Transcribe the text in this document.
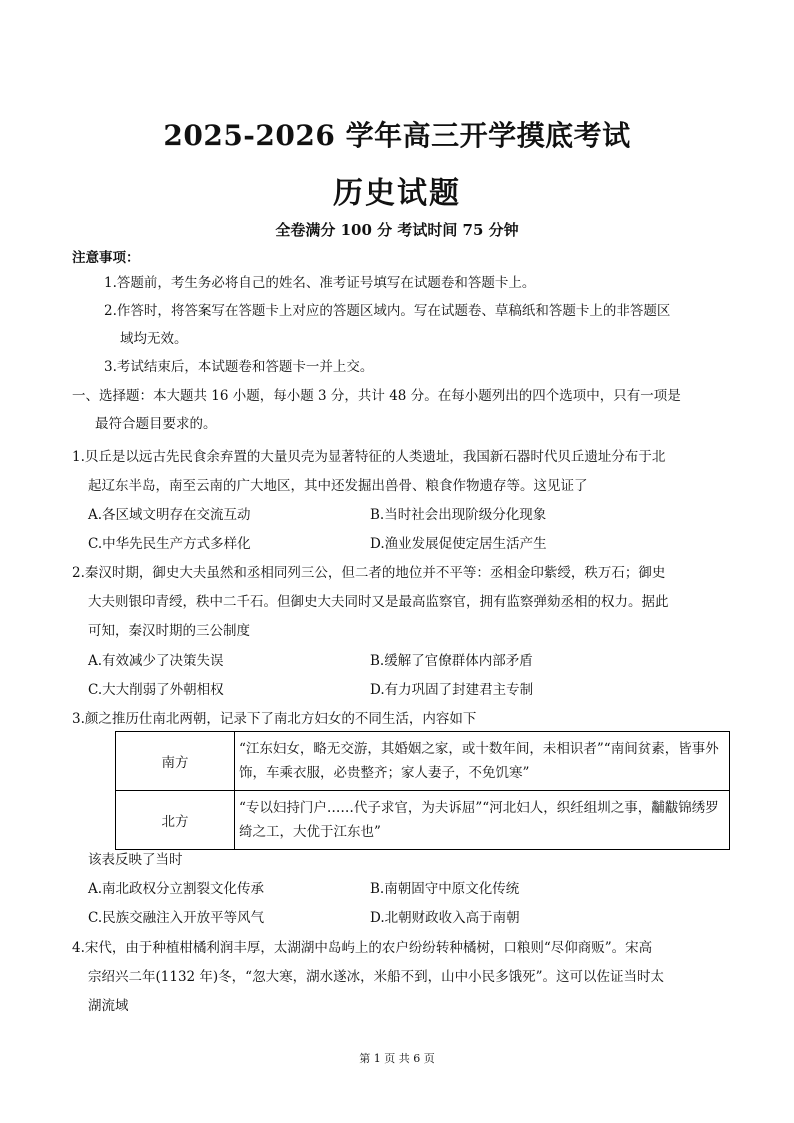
2025-2026 学年高三开学摸底考试
历史试题
全卷满分 100 分 考试时间 75 分钟
注意事项：
1.答题前，考生务必将自己的姓名、准考证号填写在试题卷和答题卡上。
2.作答时，将答案写在答题卡上对应的答题区域内。写在试题卷、草稿纸和答题卡上的非答题区
域均无效。
3.考试结束后，本试题卷和答题卡一并上交。
一、选择题：本大题共 16 小题，每小题 3 分，共计 48 分。在每小题列出的四个选项中，只有一项是
最符合题目要求的。
1.贝丘是以远古先民食余弃置的大量贝壳为显著特征的人类遗址，我国新石器时代贝丘遗址分布于北
起辽东半岛，南至云南的广大地区，其中还发掘出兽骨、粮食作物遗存等。这见证了
A.各区域文明存在交流互动	B.当时社会出现阶级分化现象
C.中华先民生产方式多样化	D.渔业发展促使定居生活产生
2.秦汉时期，御史大夫虽然和丞相同列三公，但二者的地位并不平等：丞相金印紫绶，秩万石；御史
大夫则银印青绶，秩中二千石。但御史大夫同时又是最高监察官，拥有监察弹劾丞相的权力。据此
可知，秦汉时期的三公制度
A.有效减少了决策失误	B.缓解了官僚群体内部矛盾
C.大大削弱了外朝相权	D.有力巩固了封建君主专制
3.颜之推历仕南北两朝，记录下了南北方妇女的不同生活，内容如下
南方	“江东妇女，略无交游，其婚姻之家，或十数年间，未相识者”“南间贫素，皆事外饰，车乘衣服，必贵整齐；家人妻子，不免饥寒”
北方	“专以妇持门户……代子求官，为夫诉屈”“河北妇人，织纴组圳之事，黼黻锦绣罗绮之工，大优于江东也”
该表反映了当时
A.南北政权分立割裂文化传承	B.南朝固守中原文化传统
C.民族交融注入开放平等风气	D.北朝财政收入高于南朝
4.宋代，由于种植柑橘利润丰厚，太湖湖中岛屿上的农户纷纷转种橘树，口粮则“尽仰商贩”。宋高
宗绍兴二年(1132 年)冬，“忽大寒，湖水遂冰，米船不到，山中小民多饿死”。这可以佐证当时太
湖流域
第 1 页 共 6 页
